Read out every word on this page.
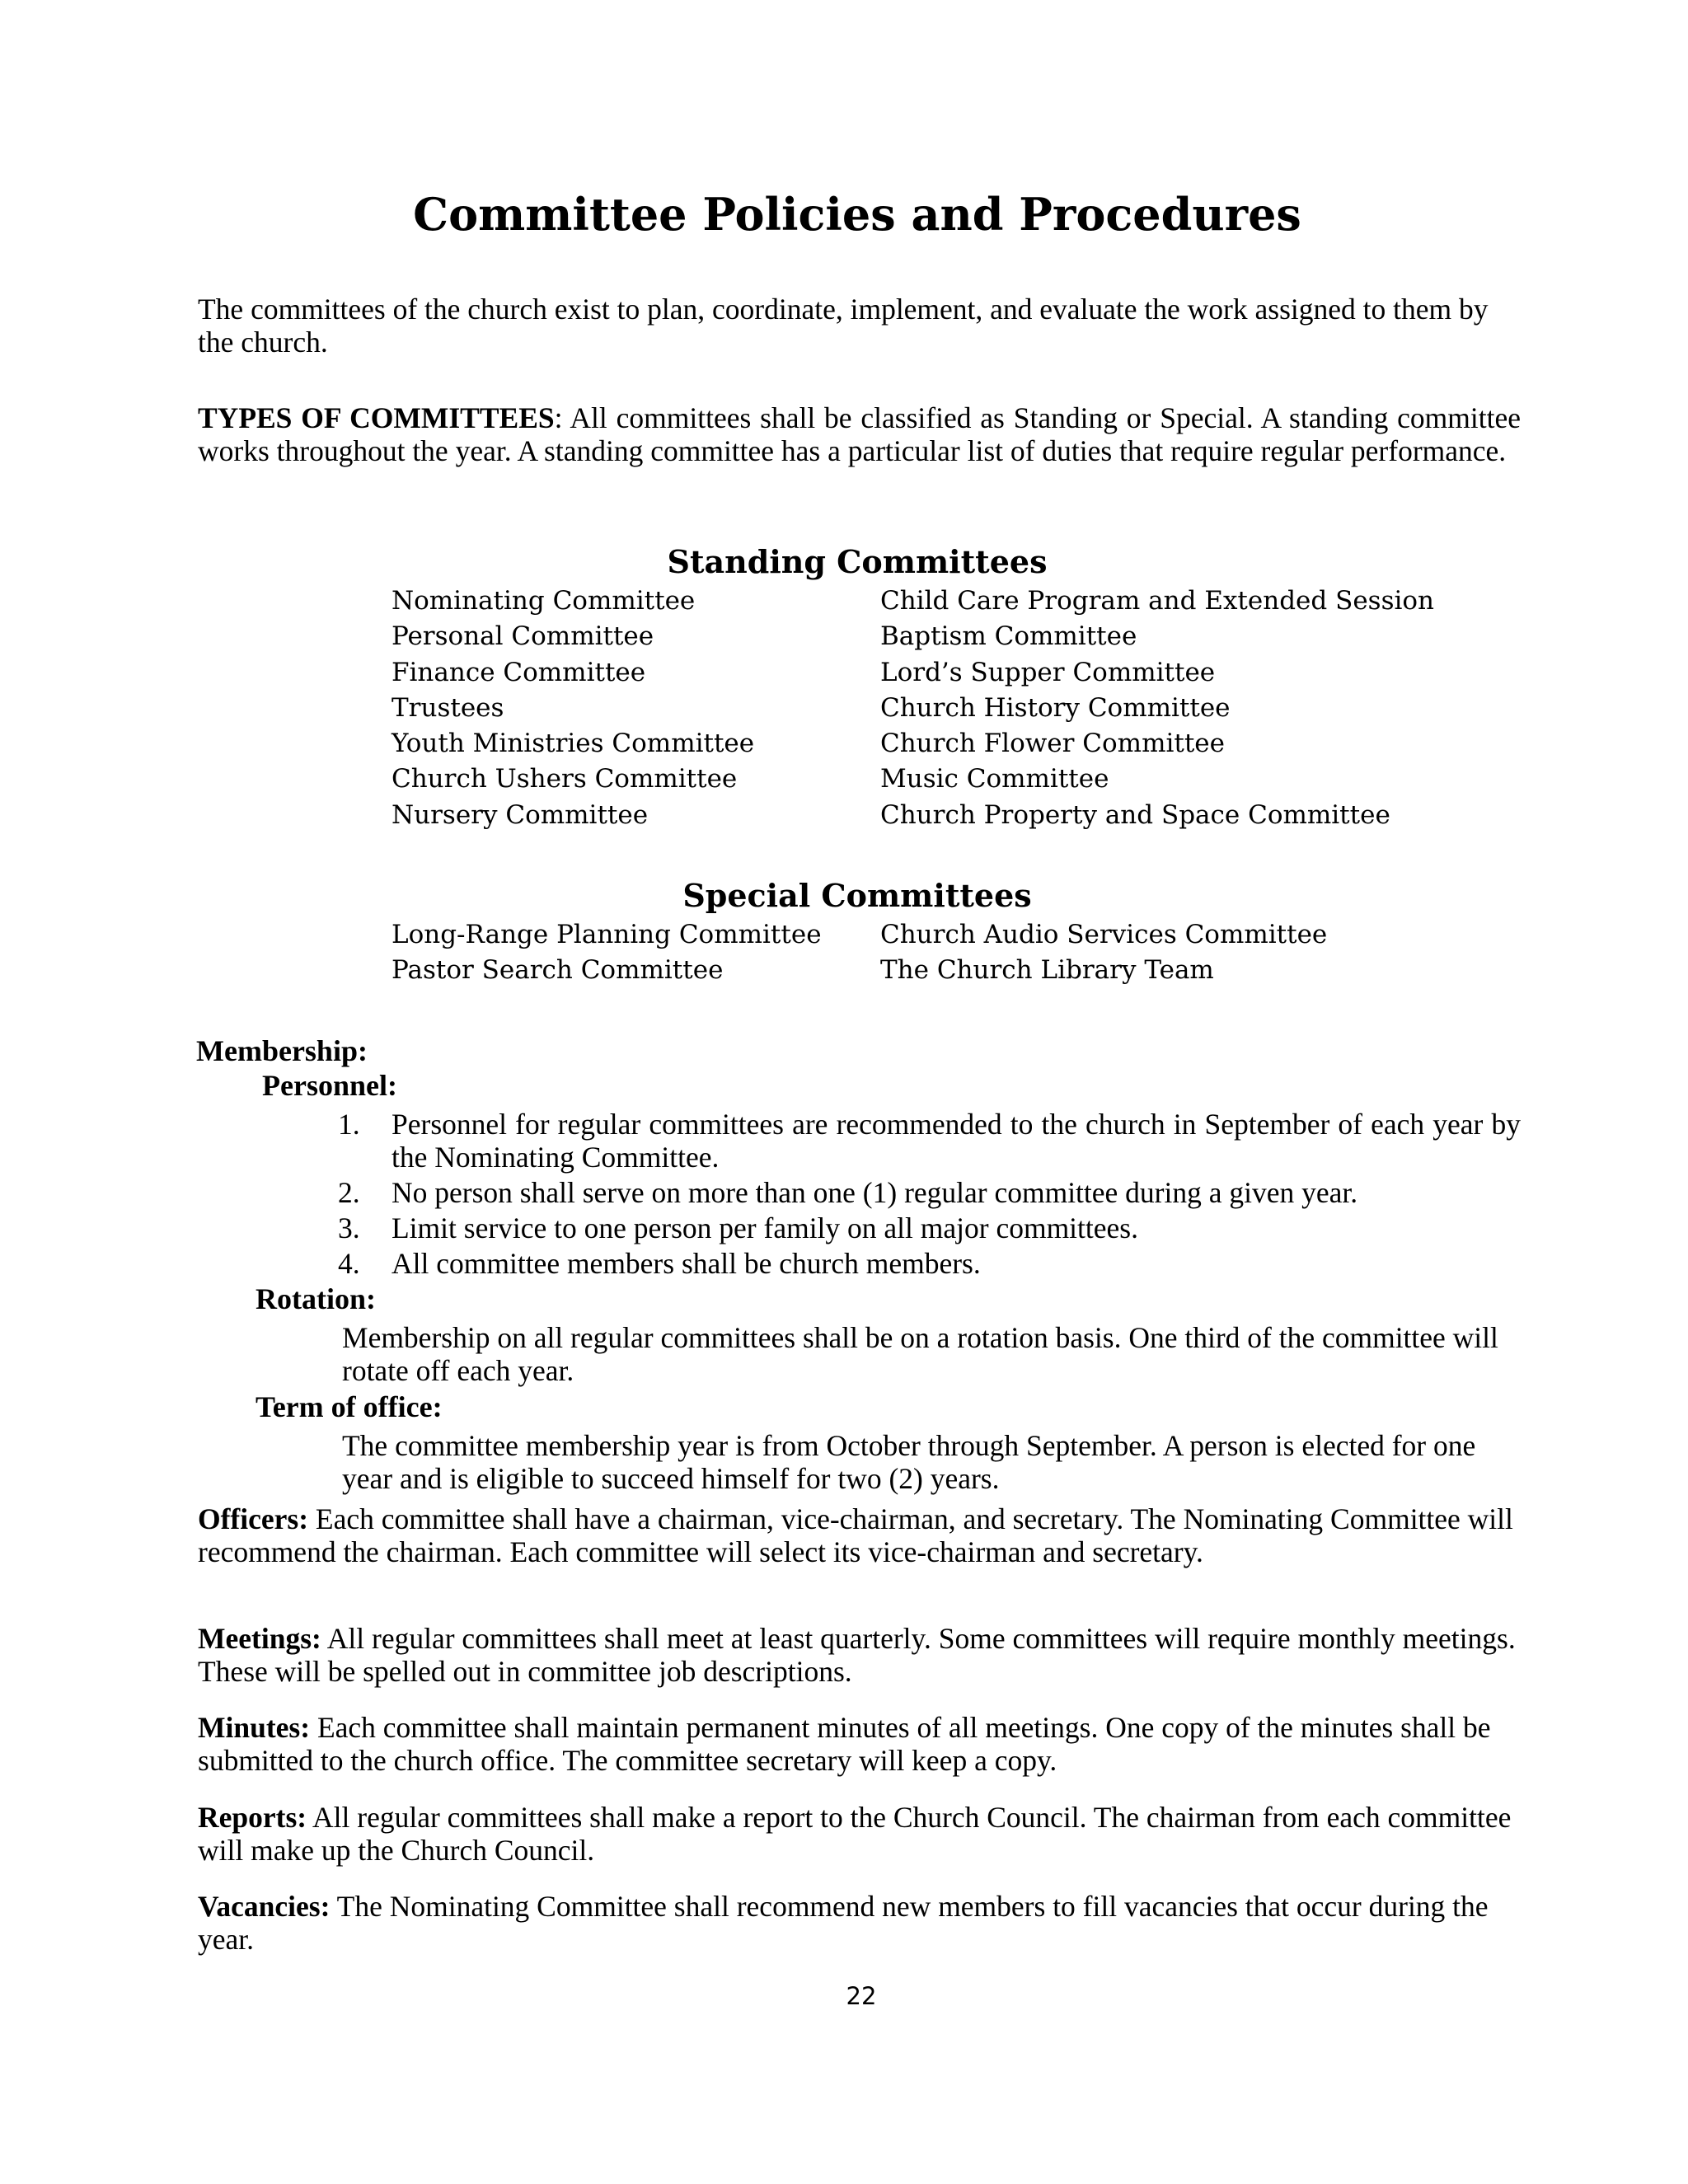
Committee Policies and Procedures

The committees of the church exist to plan, coordinate, implement, and evaluate the work assigned to them by the church.

TYPES OF COMMITTEES: All committees shall be classified as Standing or Special. A standing committee works throughout the year. A standing committee has a particular list of duties that require regular performance.

Standing Committees
Nominating Committee
Personal Committee
Finance Committee
Trustees
Youth Ministries Committee
Church Ushers Committee
Nursery Committee
Child Care Program and Extended Session
Baptism Committee
Lord’s Supper Committee
Church History Committee
Church Flower Committee
Music Committee
Church Property and Space Committee
Special Committees
Long-Range Planning Committee
Pastor Search Committee
Church Audio Services Committee
The Church Library Team
Membership:
Personnel:
1. Personnel for regular committees are recommended to the church in September of each year by the Nominating Committee.
2. No person shall serve on more than one (1) regular committee during a given year.
3. Limit service to one person per family on all major committees.
4. All committee members shall be church members.
Rotation:

Membership on all regular committees shall be on a rotation basis. One third of the committee will rotate off each year.

Term of office:

The committee membership year is from October through September. A person is elected for one year and is eligible to succeed himself for two (2) years.

Officers: Each committee shall have a chairman, vice-chairman, and secretary. The Nominating Committee will recommend the chairman. Each committee will select its vice-chairman and secretary.

Meetings: All regular committees shall meet at least quarterly. Some committees will require monthly meetings. These will be spelled out in committee job descriptions.

Minutes: Each committee shall maintain permanent minutes of all meetings. One copy of the minutes shall be submitted to the church office. The committee secretary will keep a copy.

Reports: All regular committees shall make a report to the Church Council. The chairman from each committee will make up the Church Council.

Vacancies: The Nominating Committee shall recommend new members to fill vacancies that occur during the year.

22
